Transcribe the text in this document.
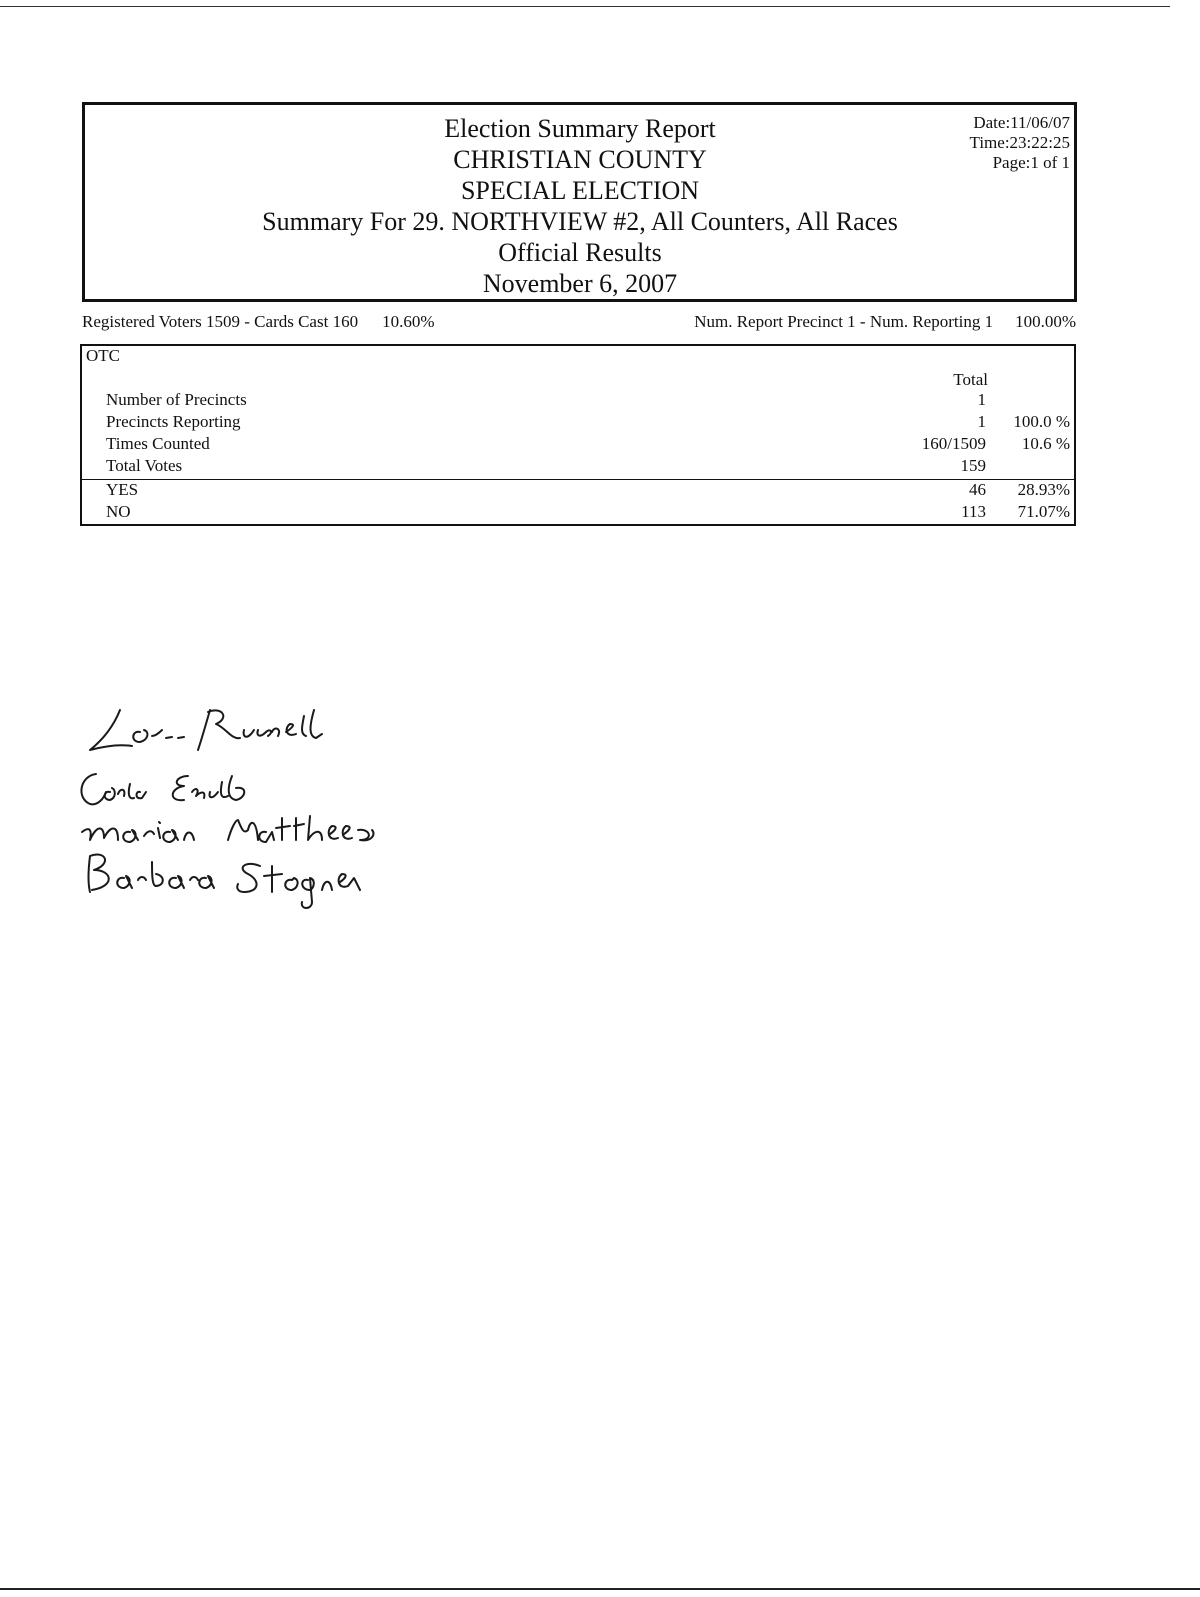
Election Summary Report
CHRISTIAN COUNTY
SPECIAL ELECTION
Summary For 29. NORTHVIEW #2, All Counters, All Races
Official Results
November 6, 2007
Date:11/06/07
Time:23:22:25
Page:1 of 1
Registered Voters 1509 - Cards Cast 160 10.60%	Num. Report Precinct 1 - Num. Reporting 1 100.00%
OTC
Total
Number of Precincts	1
Precincts Reporting	1 100.0 %
Times Counted	160/1509 10.6 %
Total Votes	159
YES	46 28.93%
NO	113 71.07%
